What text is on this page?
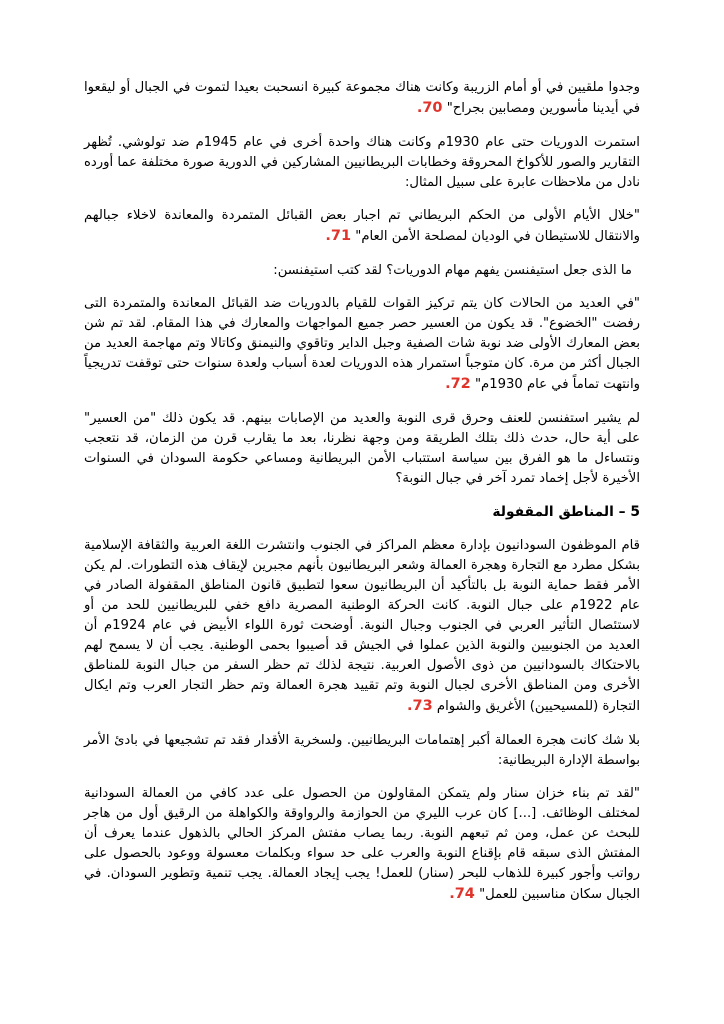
وجدوا ملقيين في أو أمام الزريبة وكانت هناك مجموعة كبيرة انسحبت بعيدا لتموت في الجبال أو ليقعوا في أيدينا مأسورين ومصابين بجراح" 70.

استمرت الدوريات حتى عام 1930م وكانت هناك واحدة أخرى في عام 1945م ضد تولوشي. تُظهر التقارير والصور للأكواخ المحروقة وخطابات البريطانيين المشاركين في الدورية صورة مختلفة عما أورده نادل من ملاحظات عابرة على سبيل المثال:

"خلال الأيام الأولى من الحكم البريطاني تم اجبار بعض القبائل المتمردة والمعاندة لاخلاء جبالهم والانتقال للاستيطان في الوديان لمصلحة الأمن العام" 71.

ما الذى جعل استيفنسن يفهم مهام الدوريات؟ لقد كتب استيفنسن:

"في العديد من الحالات كان يتم تركيز القوات للقيام بالدوريات ضد القبائل المعاندة والمتمردة التى رفضت "الخضوع". قد يكون من العسير حصر جميع المواجهات والمعارك في هذا المقام. لقد تم شن بعض المعارك الأولى ضد نوبة شات الصفية وجبل الداير وتاقوي والنيمنق وكاتالا وتم مهاجمة العديد من الجبال أكثر من مرة. كان متوجباً استمرار هذه الدوريات لعدة أسباب ولعدة سنوات حتى توقفت تدريجياً وانتهت تماماً في عام 1930م" 72.

لم يشير استفنسن للعنف وحرق قرى النوبة والعديد من الإصابات بينهم. قد يكون ذلك "من العسير" على أية حال، حدث ذلك بتلك الطريقة ومن وجهة نظرنا، بعد ما يقارب قرن من الزمان، قد نتعجب ونتساءل ما هو الفرق بين سياسة استتباب الأمن البريطانية ومساعي حكومة السودان في السنوات الأخيرة لأجل إخماد تمرد آخر في جبال النوبة؟

5 – المناطق المقفولة

قام الموظفون السودانيون بإدارة معظم المراكز في الجنوب وانتشرت اللغة العربية والثقافة الإسلامية بشكل مطرد مع التجارة وهجرة العمالة وشعر البريطانيون بأنهم مجبرين لإيقاف هذه التطورات. لم يكن الأمر فقط حماية النوبة بل بالتأكيد أن البريطانيون سعوا لتطبيق قانون المناطق المقفولة الصادر في عام 1922م على جبال النوبة. كانت الحركة الوطنية المصرية دافع خفي للبريطانيين للحد من أو لاستئصال التأثير العربي في الجنوب وجبال النوبة. أوضحت ثورة اللواء الأبيض في عام 1924م أن العديد من الجنوبيين والنوبة الذين عملوا في الجيش قد أصيبوا بحمى الوطنية. يجب أن لا يسمح لهم بالاحتكاك بالسودانيين من ذوى الأصول العربية. نتيجة لذلك تم حظر السفر من جبال النوبة للمناطق الأخرى ومن المناطق الأخرى لجبال النوبة وتم تقييد هجرة العمالة وتم حظر التجار العرب وتم ايكال التجارة (للمسيحيين) الأغريق والشوام 73.

بلا شك كانت هجرة العمالة أكبر إهتمامات البريطانيين. ولسخرية الأقدار فقد تم تشجيعها في بادئ الأمر بواسطة الإدارة البريطانية:

"لقد تم بناء خزان سنار ولم يتمكن المقاولون من الحصول على عدد كافي من العمالة السودانية لمختلف الوظائف. [...] كان عرب الليري من الحوازمة والرواوقة والكواهلة من الرقيق أول من هاجر للبحث عن عمل، ومن ثم تبعهم النوبة. ربما يصاب مفتش المركز الحالي بالذهول عندما يعرف أن المفتش الذى سبقه قام بإقناع النوبة والعرب على حد سواء وبكلمات معسولة ووعود بالحصول على رواتب وأجور كبيرة للذهاب للبحر (سنار) للعمل! يجب إيجاد العمالة. يجب تنمية وتطوير السودان. في الجبال سكان مناسبين للعمل" 74.
